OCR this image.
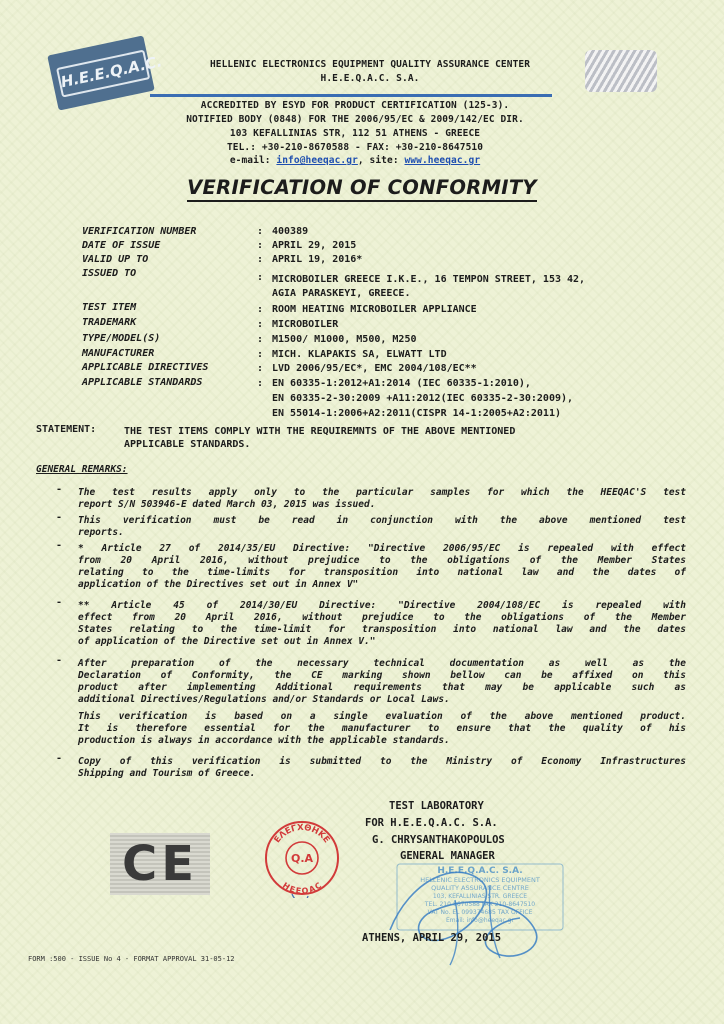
H.E.E.Q.A.C.	HELLENIC ELECTRONICS EQUIPMENT QUALITY ASSURANCE CENTER
H.E.E.Q.A.C. S.A.
ACCREDITED BY ESYD FOR PRODUCT CERTIFICATION (125-3).
NOTIFIED BODY (0848) FOR THE 2006/95/EC & 2009/142/EC DIR.
103 KEFALLINIAS STR, 112 51 ATHENS - GREECE
TEL.: +30-210-8670588 - FAX: +30-210-8647510
e-mail: info@heeqac.gr, site: www.heeqac.gr
VERIFICATION OF CONFORMITY
VERIFICATION NUMBER	: 400389
DATE OF ISSUE	: APRIL 29, 2015
VALID UP TO	: APRIL 19, 2016*
ISSUED TO	: MICROBOILER GREECE I.K.E., 16 TEMPON STREET, 153 42,
AGIA PARASKEYI, GREECE.
TEST ITEM	: ROOM HEATING MICROBOILER APPLIANCE
TRADEMARK	: MICROBOILER
TYPE/MODEL(S)	: M1500/ M1000, M500, M250
MANUFACTURER	: MICH. KLAPAKIS SA, ELWATT LTD
APPLICABLE DIRECTIVES	: LVD 2006/95/EC*, EMC 2004/108/EC**
APPLICABLE STANDARDS	: EN 60335-1:2012+A1:2014 (IEC 60335-1:2010),
EN 60335-2-30:2009 +A11:2012(IEC 60335-2-30:2009),
EN 55014-1:2006+A2:2011(CISPR 14-1:2005+A2:2011)
STATEMENT:	THE TEST ITEMS COMPLY WITH THE REQUIREMNTS OF THE ABOVE MENTIONED
APPLICABLE STANDARDS.
GENERAL REMARKS:
- The test results apply only to the particular samples for which the HEEQAC'S test
report S/N 503946-E dated March 03, 2015 was issued.
- This verification must be read in conjunction with the above mentioned test
reports.
- * Article 27 of 2014/35/EU Directive: "Directive 2006/95/EC is repealed with effect
from 20 April 2016, without prejudice to the obligations of the Member States
relating to the time-limits for transposition into national law and the dates of
application of the Directives set out in Annex V"
- ** Article 45 of 2014/30/EU Directive: "Directive 2004/108/EC is repealed with
effect from 20 April 2016, without prejudice to the obligations of the Member
States relating to the time-limit for transposition into national law and the dates
of application of the Directive set out in Annex V."
- After preparation of the necessary technical documentation as well as the
Declaration of Conformity, the CE marking shown bellow can be affixed on this
product after implementing Additional requirements that may be applicable such as
additional Directives/Regulations and/or Standards or Local Laws.
This verification is based on a single evaluation of the above mentioned product.
It is therefore essential for the manufacturer to ensure that the quality of his
production is always in accordance with the applicable standards.
- Copy of this verification is submitted to the Ministry of Economy Infrastructures
Shipping and Tourism of Greece.
TEST LABORATORY
FOR H.E.E.Q.A.C. S.A.
G. CHRYSANTHAKOPOULOS
GENERAL MANAGER
H.E.E.Q.A.C. S.A.
HELLENIC ELECTRONICS EQUIPMENT
QUALITY ASSURANCE CENTRE
103, KEFALLINIAS STR. GREECE
TEL. 210-8670588 FAX 210-8647510
VAT No. EL 099374685 TAX OFFICE
Email: info@heeqac.gr
ATHENS, APRIL 29, 2015
CE	ΕΛΕΓΧΘΗΚΕ
HEEQAC
Q.A
FORM :500 - ISSUE No 4 - FORMAT APPROVAL 31-05-12
